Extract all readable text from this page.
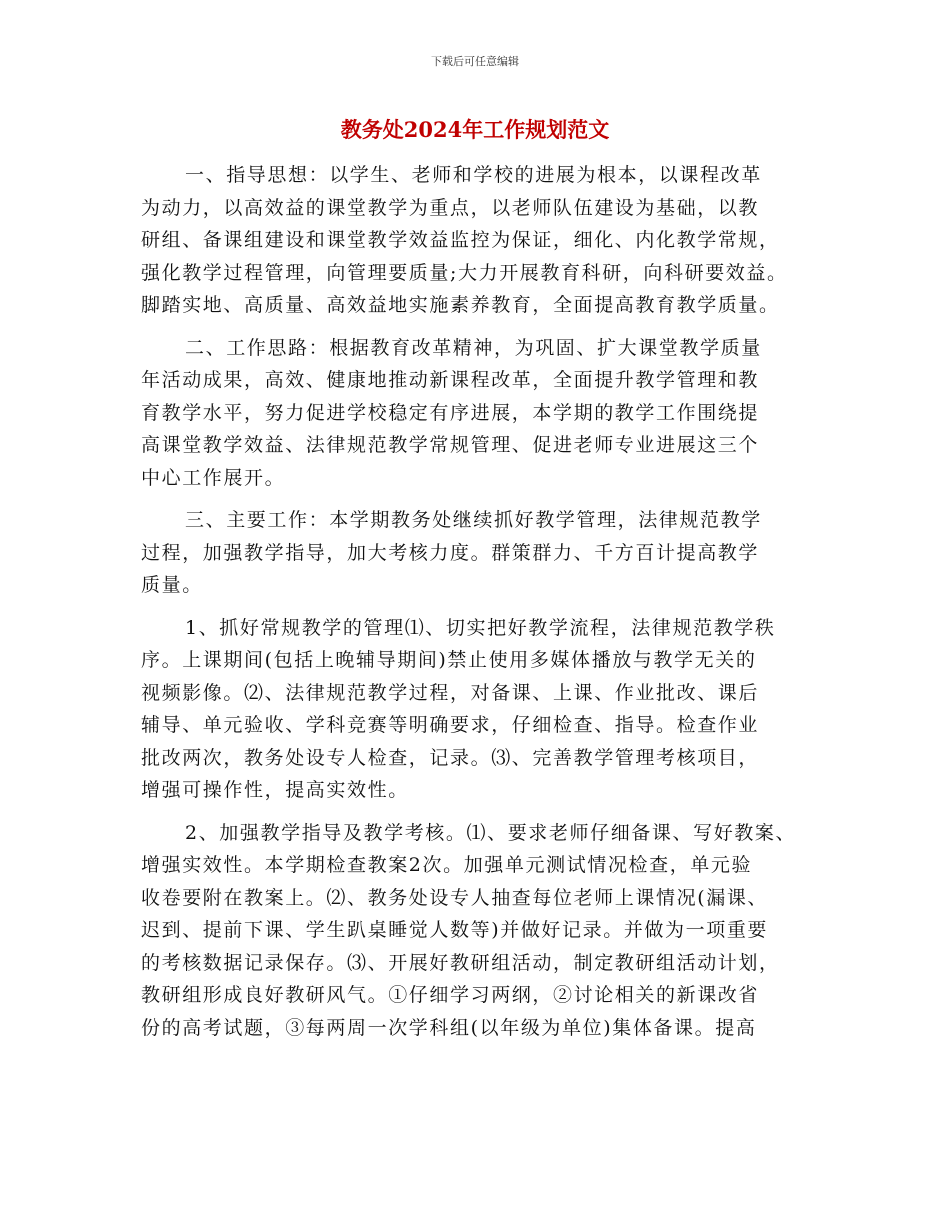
下载后可任意编辑
教务处2024年工作规划范文
一、指导思想：以学生、老师和学校的进展为根本，以课程改革
为动力，以高效益的课堂教学为重点，以老师队伍建设为基础，以教
研组、备课组建设和课堂教学效益监控为保证，细化、内化教学常规，
强化教学过程管理，向管理要质量;大力开展教育科研，向科研要效益。
脚踏实地、高质量、高效益地实施素养教育，全面提高教育教学质量。
二、工作思路：根据教育改革精神，为巩固、扩大课堂教学质量
年活动成果，高效、健康地推动新课程改革，全面提升教学管理和教
育教学水平，努力促进学校稳定有序进展，本学期的教学工作围绕提
高课堂教学效益、法律规范教学常规管理、促进老师专业进展这三个
中心工作展开。
三、主要工作：本学期教务处继续抓好教学管理，法律规范教学
过程，加强教学指导，加大考核力度。群策群力、千方百计提高教学
质量。
1、抓好常规教学的管理⑴、切实把好教学流程，法律规范教学秩
序。上课期间(包括上晚辅导期间)禁止使用多媒体播放与教学无关的
视频影像。⑵、法律规范教学过程，对备课、上课、作业批改、课后
辅导、单元验收、学科竞赛等明确要求，仔细检查、指导。检查作业
批改两次，教务处设专人检查，记录。⑶、完善教学管理考核项目，
增强可操作性，提高实效性。
2、加强教学指导及教学考核。⑴、要求老师仔细备课、写好教案、
增强实效性。本学期检查教案2次。加强单元测试情况检查，单元验
收卷要附在教案上。⑵、教务处设专人抽查每位老师上课情况(漏课、
迟到、提前下课、学生趴桌睡觉人数等)并做好记录。并做为一项重要
的考核数据记录保存。⑶、开展好教研组活动，制定教研组活动计划，
教研组形成良好教研风气。①仔细学习两纲，②讨论相关的新课改省
份的高考试题，③每两周一次学科组(以年级为单位)集体备课。提高
